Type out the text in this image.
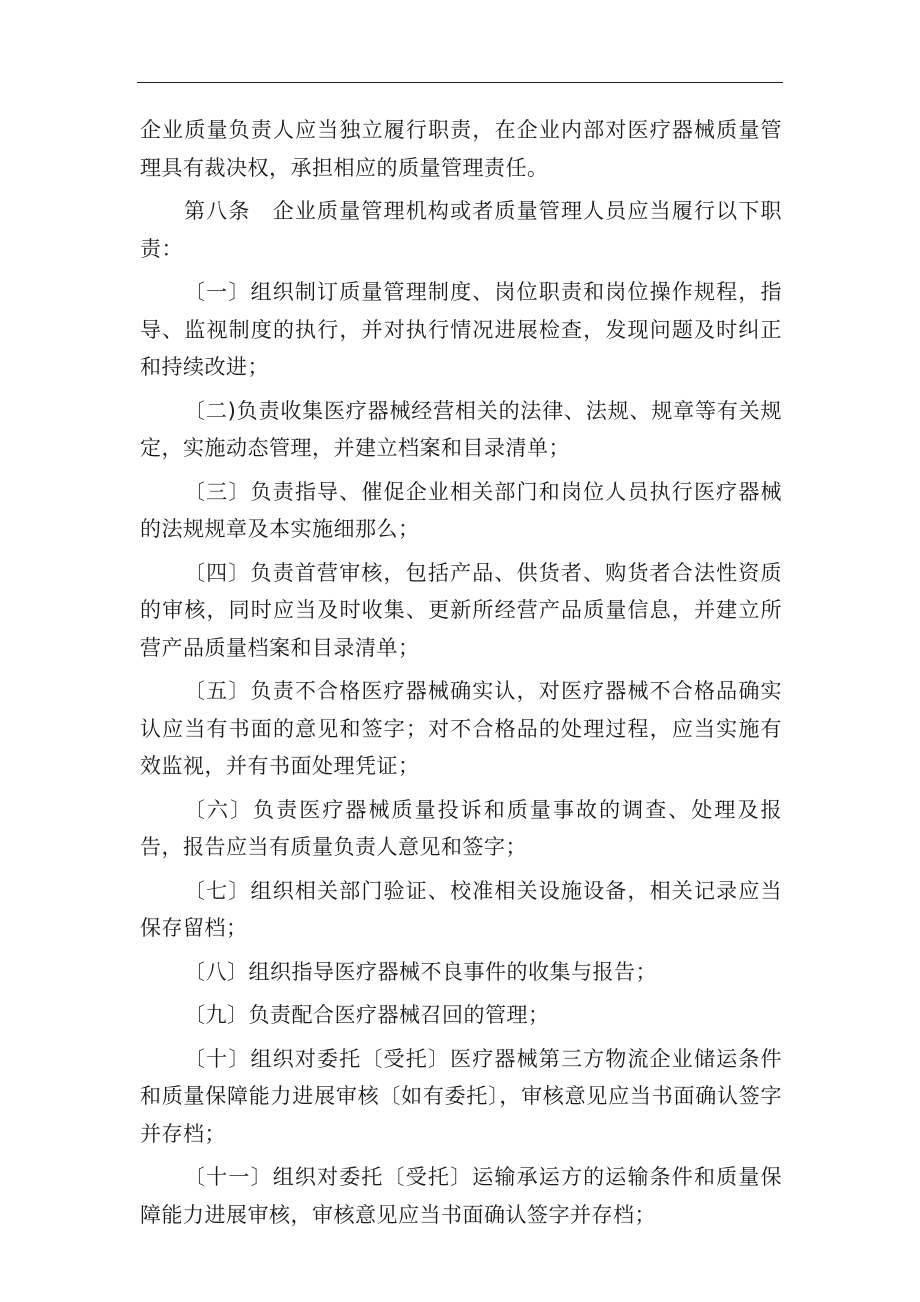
企业质量负责人应当独立履行职责，在企业内部对医疗器械质量管理具有裁决权，承担相应的质量管理责任。

第八条　企业质量管理机构或者质量管理人员应当履行以下职责：

〔一〕组织制订质量管理制度、岗位职责和岗位操作规程，指导、监视制度的执行，并对执行情况进展检查，发现问题及时纠正和持续改进；

〔二)负责收集医疗器械经营相关的法律、法规、规章等有关规定，实施动态管理，并建立档案和目录清单；

〔三〕负责指导、催促企业相关部门和岗位人员执行医疗器械的法规规章及本实施细那么；

〔四〕负责首营审核，包括产品、供货者、购货者合法性资质的审核，同时应当及时收集、更新所经营产品质量信息，并建立所营产品质量档案和目录清单；

〔五〕负责不合格医疗器械确实认，对医疗器械不合格品确实认应当有书面的意见和签字；对不合格品的处理过程，应当实施有效监视，并有书面处理凭证；

〔六〕负责医疗器械质量投诉和质量事故的调查、处理及报告，报告应当有质量负责人意见和签字；

〔七〕组织相关部门验证、校准相关设施设备，相关记录应当保存留档；

〔八〕组织指导医疗器械不良事件的收集与报告；

〔九〕负责配合医疗器械召回的管理；

〔十〕组织对委托〔受托〕医疗器械第三方物流企业储运条件和质量保障能力进展审核〔如有委托〕，审核意见应当书面确认签字并存档；

〔十一〕组织对委托〔受托〕运输承运方的运输条件和质量保障能力进展审核，审核意见应当书面确认签字并存档；
